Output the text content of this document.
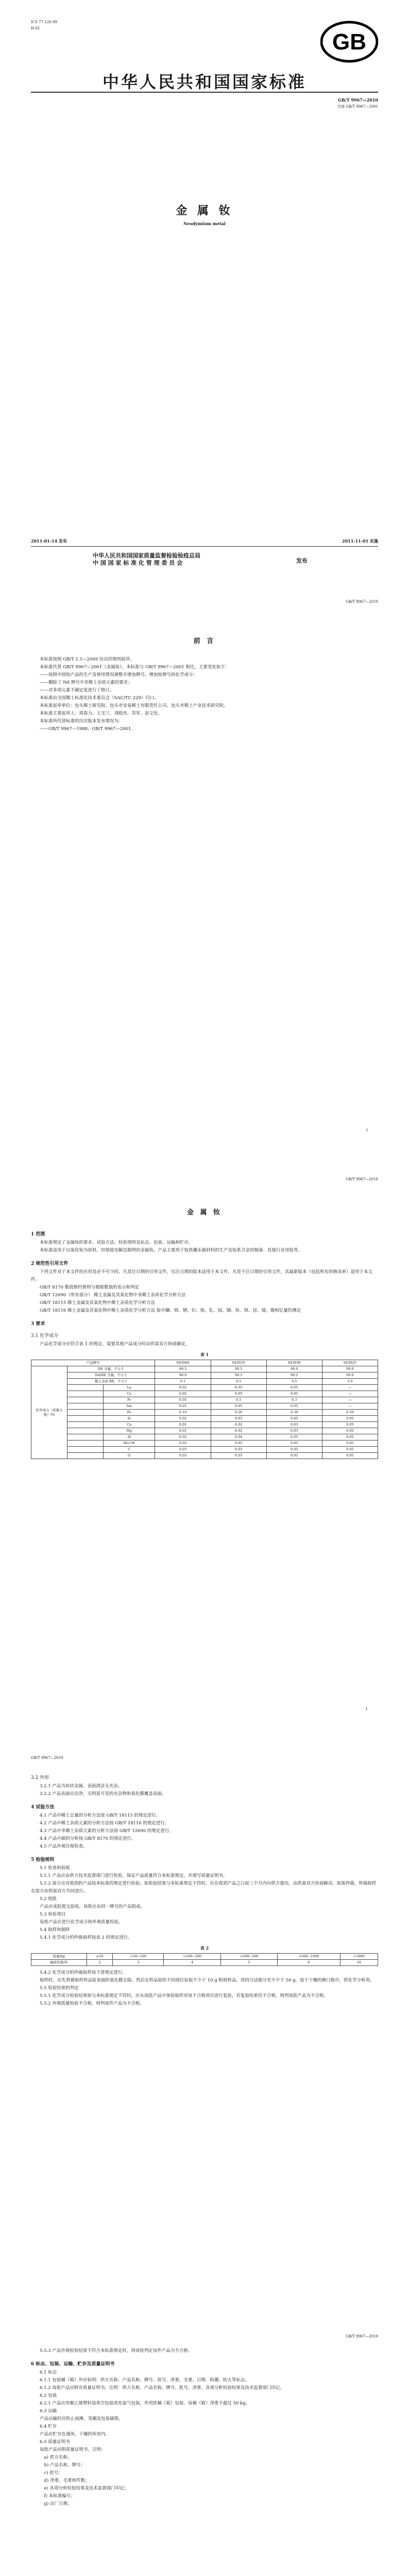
ICS 77.120.99
H 65
GB
中华人民共和国国家标准
GB/T 9967—2010
代替 GB/T 9967—2001
金 属 钕
Neodymium metal
2011-01-14 发布	2011-11-01 实施
中华人民共和国国家质量监督检验检疫总局
中 国 国 家 标 准 化 管 理 委 员 会	发布
GB/T 9967—2010
前 言
本标准按照 GB/T 1.1—2009 给出的规则起草。
本标准代替 GB/T 9967—2001《金属钕》，本标准与 GB/T 9967—2001 相比，主要变化如下：
——按照中国钕产品的生产及使用情况调整并增加牌号，增加钕牌号的化学成分；
——删除了 Nd 牌号中非稀土杂质元素的要求；
——对多项元素不确定度进行了修订。
本标准由全国稀土标准化技术委员会（SAC/TC 229）归口。
本标准起草单位：包头稀土研究院、包头市安泰稀土有限责任公司、包头市稀土产业技术研究院。
本标准主要起草人：周春力、王宝兰、刘晓杰、苏军、赵文化。
本标准所代替标准的历次版本发布情况为：
——GB/T 9967—1988、GB/T 9967—2001。
I
GB/T 9967—2010
金 属 钕
1 范围
本标准规定了金属钕的要求、试验方法、检验规则及标志、包装、运输和贮存。
本标准适用于以氧化钕为原料，经熔盐电解法制得的金属钕。产品主要用于钕铁硼永磁材料的生产及钕系合金的制备、其他行业用钕等。
2 规范性引用文件
下列文件对于本文件的应用是必不可少的。凡是注日期的引用文件，仅注日期的版本适用于本文件。凡是不注日期的引用文件，其最新版本（包括所有的修改单）适用于本文件。
GB/T 8170 数值修约规则与极限数值的表示和判定
GB/T 12690（所有部分） 稀土金属及其氧化物中非稀土杂质化学分析方法
GB/T 18115 稀土金属及其氧化物中稀土杂质化学分析方法
GB/T 18116 稀土金属及其氧化物中稀土杂质化学分析方法 钕中镧、铈、镨、钐、铕、钆、铽、镝、钬、铒、铥、镱、镥和钇量的测定
3 要求
3.1 化学成分
产品化学成分应符合表 1 的规定，需要其他产品成分时由供需双方协商确定。
表 1
产品牌号			043040	043035	043030	043025
化学成分（质量分数）/%	RE 含量，不小于		99.5	99.5	99.0	99.0
	Nd/RE 含量，不小于		99.9	99.5	99.5	99.0
	稀土杂质 RE，不大于		0.1	0.5	0.5	1.0
		La	0.02	0.05	0.05	—
		Ce	0.02	0.05	0.05	—
		Pr	0.05	0.1	0.3	—
		Sm	0.01	0.05	0.05	—
		Fe	0.10	0.20	0.30	0.50
		Si	0.02	0.03	0.05	0.05
		Ca	0.01	0.02	0.03	0.05
		Mg	0.01	0.02	0.03	0.05
		Al	0.02	0.04	0.05	0.05
		Mo+W	0.03	0.05	0.05	0.05
		C	0.03	0.03	0.05	0.05
		O	0.03	0.05	0.05	0.05
1
GB/T 9967—2010
3.2 外形
3.2.1 产品为块状金属，表面清洁无夹杂。
3.2.2 产品表面应洁净，无明显可见的夹杂物和氧化膜覆盖表面。
4 试验方法
4.1 产品中稀土总量的分析方法按 GB/T 18115 的规定进行。
4.2 产品中稀土杂质元素的分析方法按 GB/T 18116 的规定进行。
4.3 产品中非稀土杂质元素的分析方法按 GB/T 12690 的规定进行。
4.4 产品中碳的分析按 GB/T 8170 的规定进行。
4.5 产品外观目视检查。
5 检验规则
5.1 检查和验收
5.1.1 产品应由供方技术监督部门进行检验，保证产品质量符合本标准规定，并填写质量证明书。
5.1.2 需方应对收到的产品按本标准的规定进行检验。如检验结果与本标准规定不符时，应在收到产品之日起三个月内向供方提出，由供需双方协商解决。如需仲裁，仲裁取样在需方由供需双方共同进行。
5.2 组批
产品应成批提交验收，每批应由同一牌号的产品组成。
5.3 检验项目
每批产品应进行化学成分和外观质量检验。
5.4 取样和制样
5.4.1 化学成分的仲裁取样按表 2 的规定进行。
表 2
批量/kg	≤50	>50~100	>100~200	>200~500	>500~1000	>1000
抽样件数/件	2	3	4	5	6	10
5.4.2 化学成分的仲裁取样按下述规定进行。
取样时，应先将被取样样品锭表面的氧化膜去除，然后在样品锭的不同部位钻取不少于 10 g 粉屑样品，用四分法缩分至不少于 50 g，装于干燥的磨口瓶中，供化学分析用。
5.5 检验结果的判定
5.5.1 化学成分检验结果如与本标准规定不符时，应从该批产品中加倍取样对该不合格项目进行复验，若复验结果仍不合格，则判该批产品为不合格。
5.5.2 外观质量检验不合格，则判该件产品为不合格。
GB/T 9967—2010
5.5.3 产品外观检验结果不符合本标准规定时，则该批判定该件产品为不合格。
6 标志、包装、运输、贮存及质量证明书
6.1 标志
6.1.1 包装桶（箱）外应标明：供方名称、产品名称、牌号、批号、净重、毛重、日期、防潮、防火等标志。
6.1.2 每批产品应附有质量证明书，注明：供方名称、产品名称、牌号、批号、净重、各项分析检验结果及技术监督部门印记。
6.2 包装
6.2.1 产品应用聚乙烯塑料袋真空包装或充氩气包装，外用铁桶（箱）包装，每桶（箱）净重不超过 50 kg。
6.3 运输
产品运输时应防止雨淋、受潮及包装破损。
6.4 贮存
产品应贮存在通风、干燥的库房内。
6.5 质量证明书
每批产品应附质量证明书，注明：
a) 供方名称；
b) 产品名称、牌号；
c) 批号；
d) 净重、毛重和件数；
e) 各项分析检验结果及技术监督部门印记；
f) 本标准编号；
g) 出厂日期。
